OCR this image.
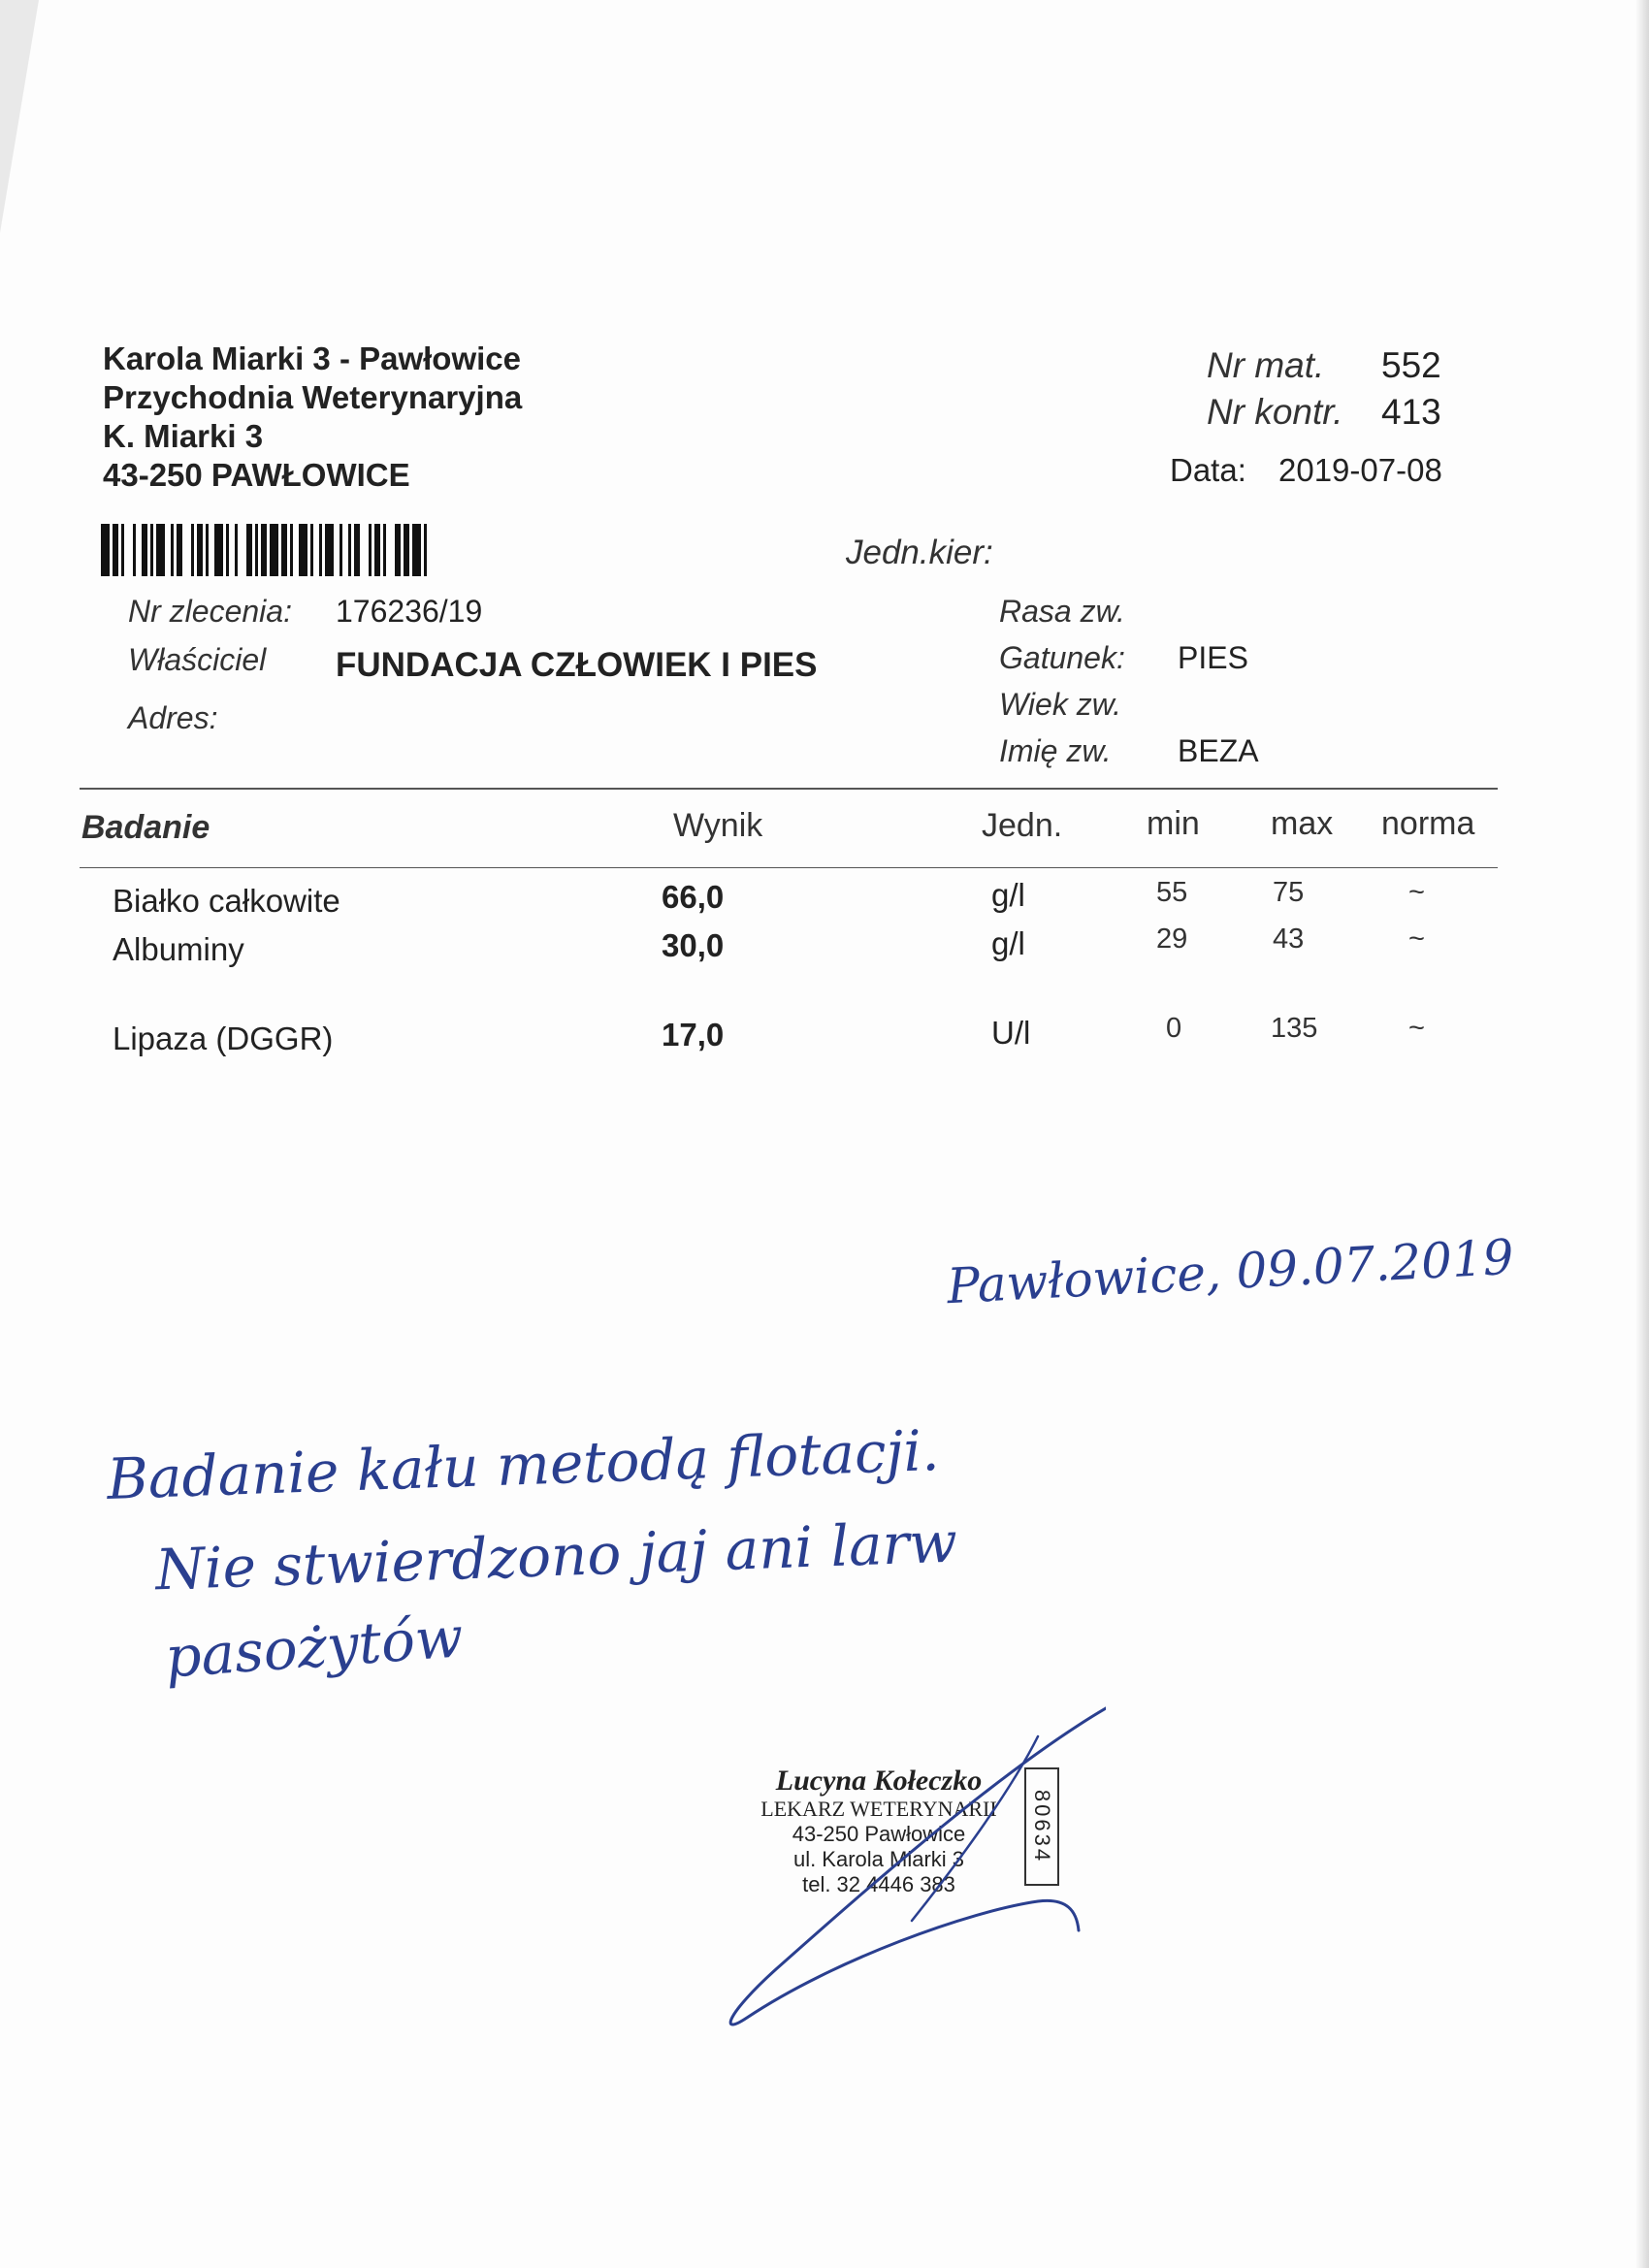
Karola Miarki 3 - Pawłowice
Przychodnia Weterynaryjna
K. Miarki 3
43-250 PAWŁOWICE
Nr mat. 552
Nr kontr. 413
Data: 2019-07-08
Jedn.kier:
Nr zlecenia: 176236/19
Właściciel FUNDACJA CZŁOWIEK I PIES
Adres:
Rasa zw.
Gatunek: PIES
Wiek zw.
Imię zw. BEZA
Badanie	Wynik	Jedn.	min max norma
Białko całkowite	66,0	g/l	55	75	~
Albuminy	30,0	g/l	29	43	~
Lipaza (DGGR)	17,0	U/l	0	135	~
Pawłowice, 09.07.2019
Badanie kału metodą flotacji.
Nie stwierdzono jaj ani larw
pasożytów
Lucyna Kołeczko
LEKARZ WETERYNARII
43-250 Pawłowice
ul. Karola Miarki 3
tel. 32 4446 383
80634
